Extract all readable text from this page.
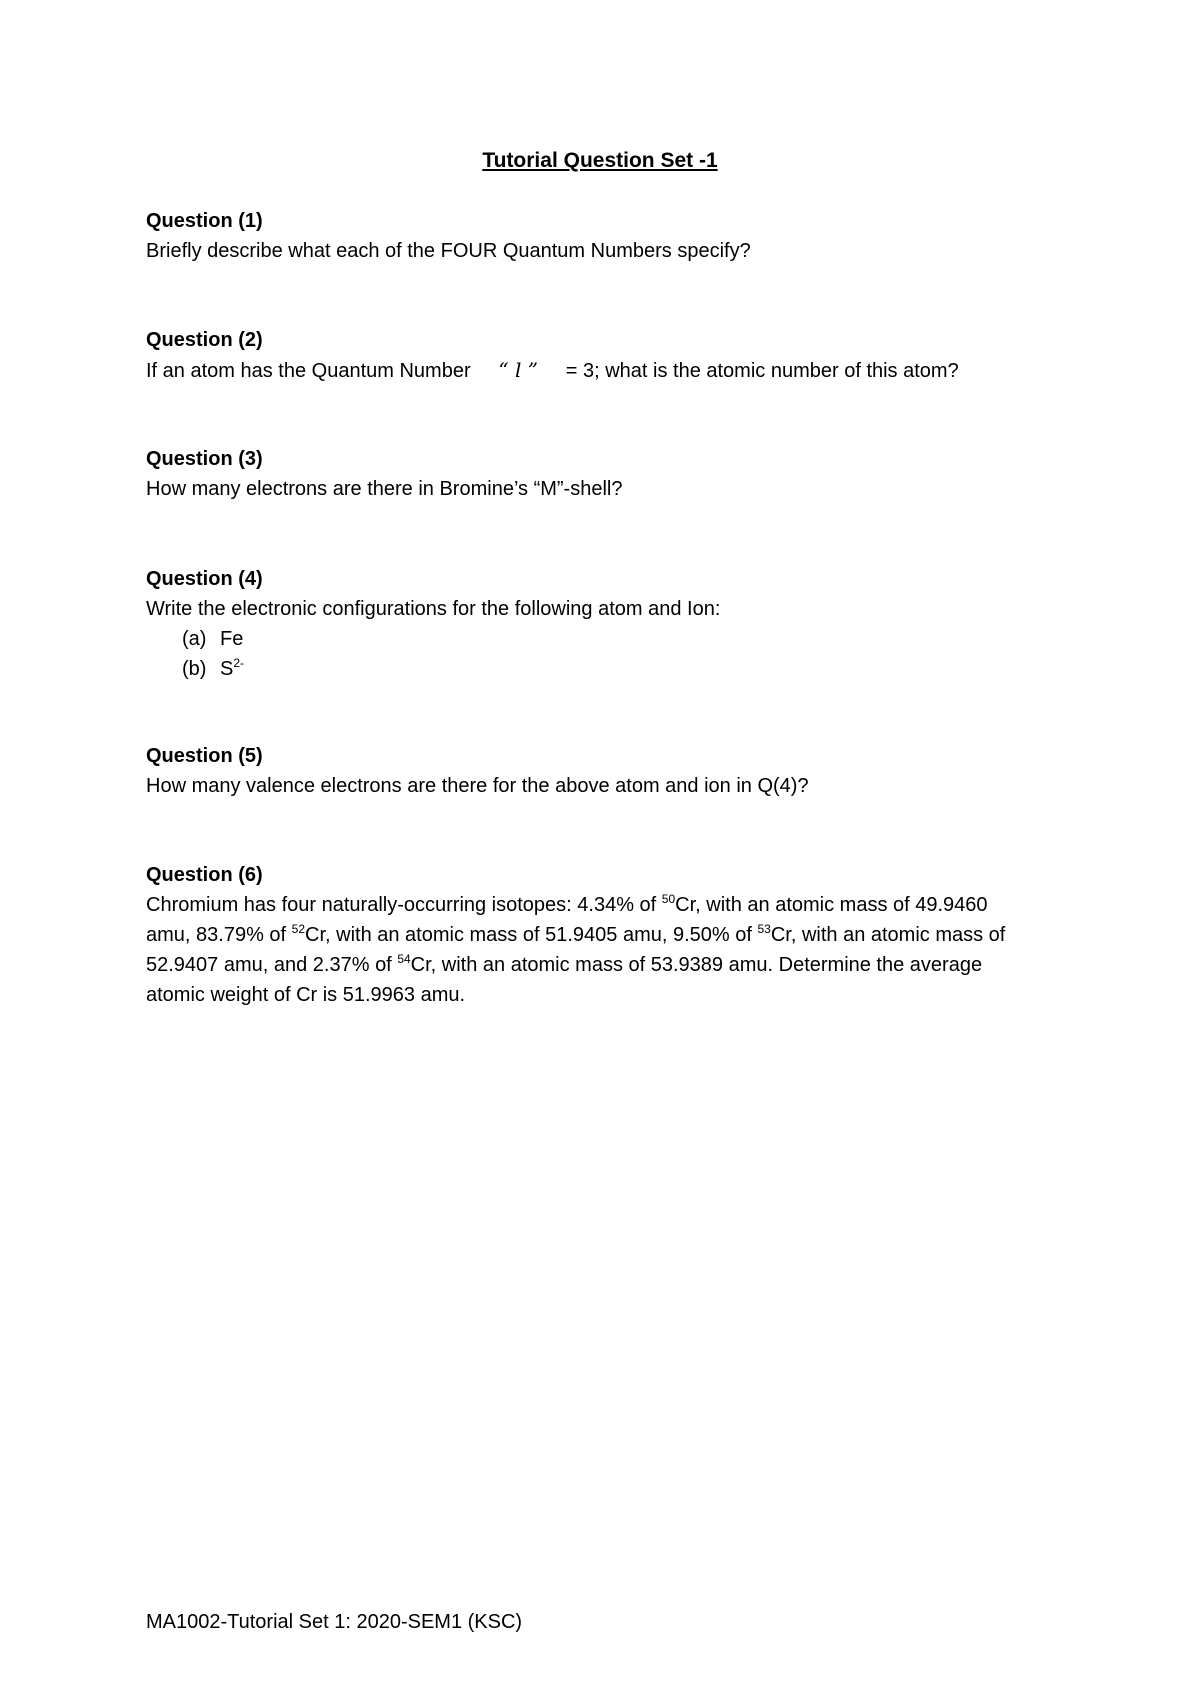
Tutorial Question Set -1
Question (1)
Briefly describe what each of the FOUR Quantum Numbers specify?
Question (2)
If an atom has the Quantum Number “ l ” = 3; what is the atomic number of this atom?
Question (3)
How many electrons are there in Bromine’s “M”-shell?
Question (4)
Write the electronic configurations for the following atom and Ion:
(a) Fe
(b) $S^{2-}$
Question (5)
How many valence electrons are there for the above atom and ion in Q(4)?
Question (6)
Chromium has four naturally-occurring isotopes: 4.34% of $^{50}$Cr, with an atomic mass of 49.9460 amu, 83.79% of $^{52}$Cr, with an atomic mass of 51.9405 amu, 9.50% of $^{53}$Cr, with an atomic mass of 52.9407 amu, and 2.37% of $^{54}$Cr, with an atomic mass of 53.9389 amu. Determine the average atomic weight of Cr is 51.9963 amu.
MA1002-Tutorial Set 1: 2020-SEM1 (KSC)
